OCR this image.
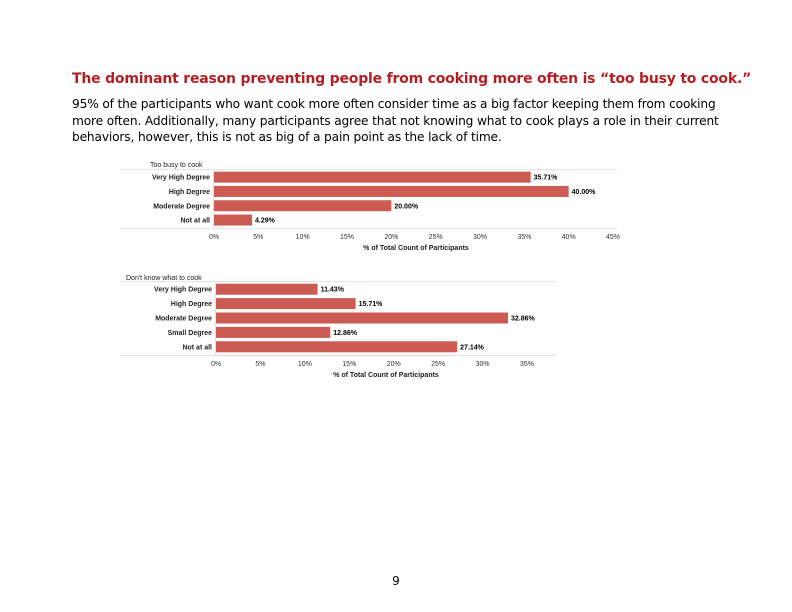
The dominant reason preventing people from cooking more often is “too busy to cook.”

95% of the participants who want cook more often consider time as a big factor keeping them from cooking more often. Additionally, many participants agree that not knowing what to cook plays a role in their current behaviors, however, this is not as big of a pain point as the lack of time.

Too busy to cook
Very High Degree	35.71%
High Degree	40.00%
Moderate Degree	20.00%
Not at all	4.29%
0%	5%	10%	15%	20%	25%	30%	35%	40%	45%
% of Total Count of Participants
Don't know what to cook
Very High Degree	11.43%
High Degree	15.71%
Moderate Degree	32.86%
Small Degree	12.86%
Not at all	27.14%
0%	5%	10%	15%	20%	25%	30%	35%
% of Total Count of Participants
9
